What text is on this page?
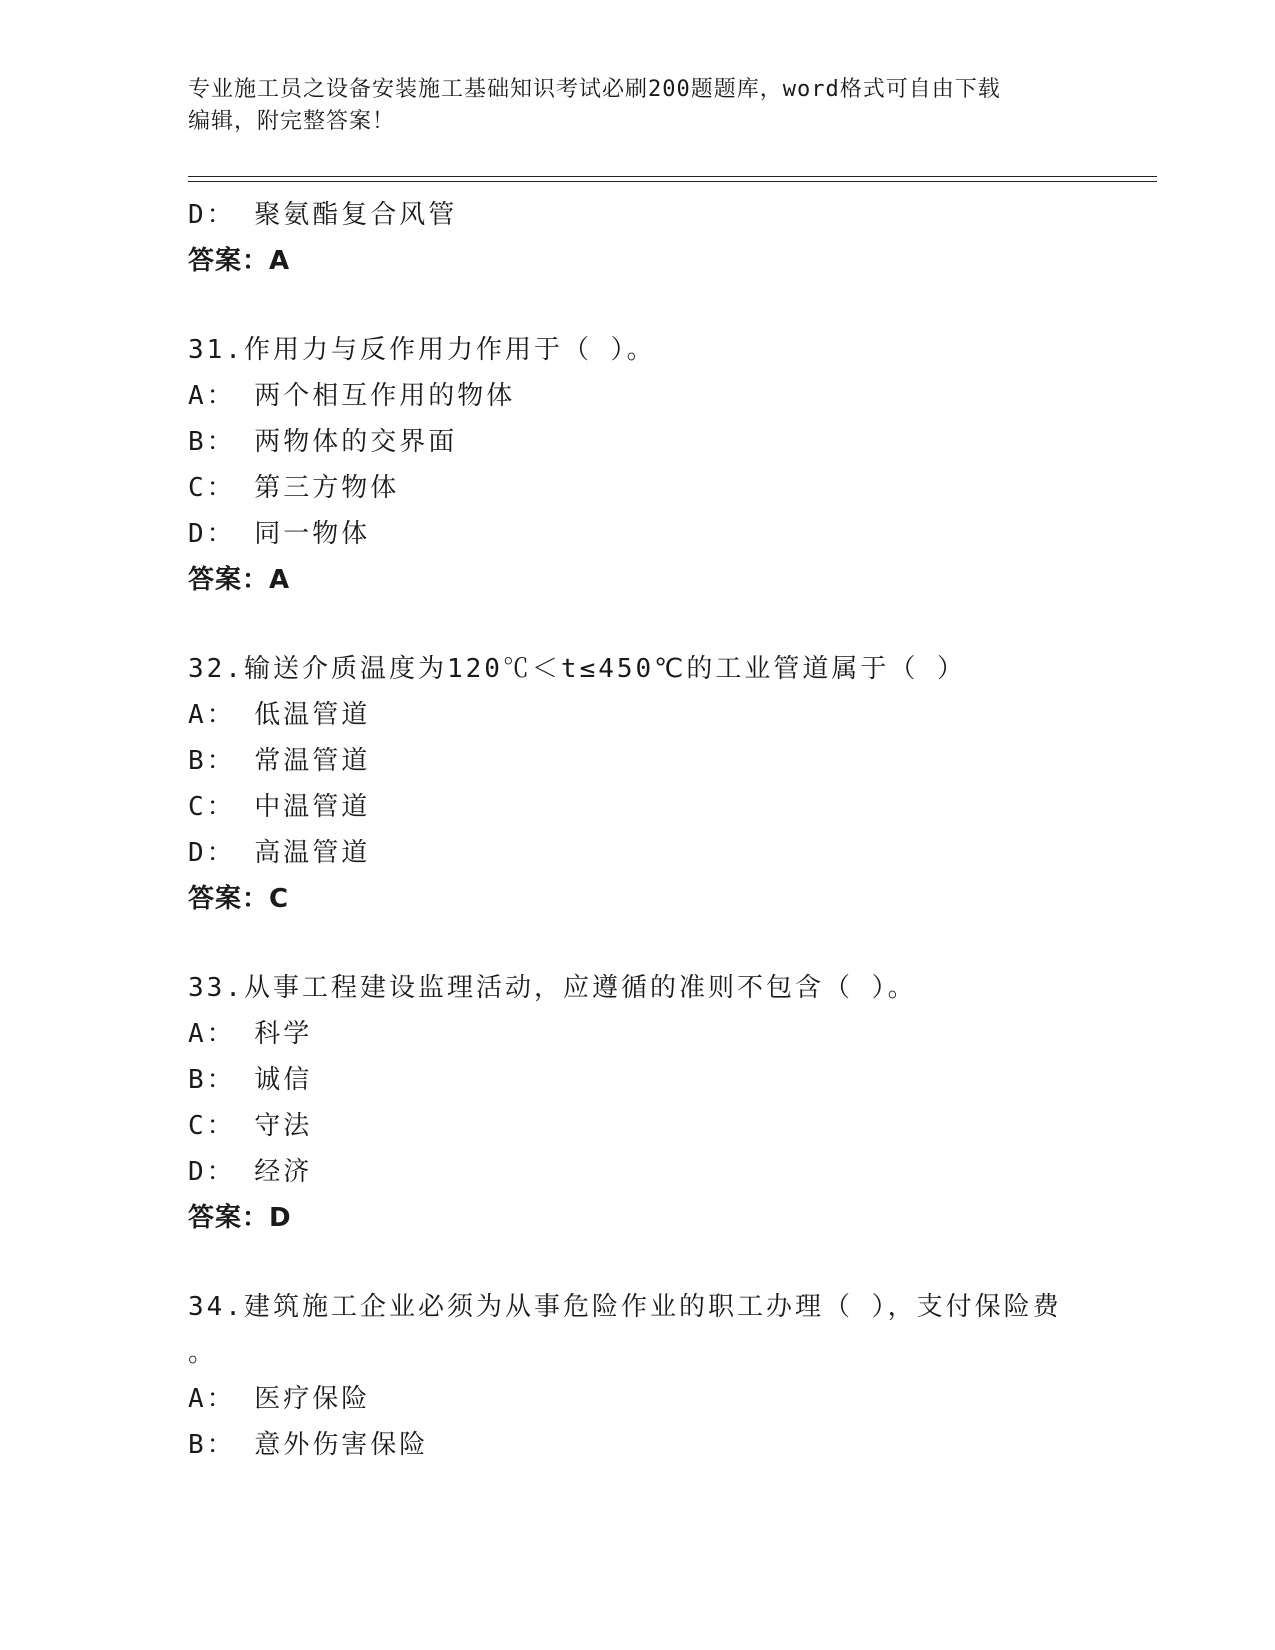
专业施工员之设备安装施工基础知识考试必刷200题题库，word格式可自由下载
编辑，附完整答案！
D： 聚氨酯复合风管
答案：A
31.作用力与反作用力作用于（ ）。
A： 两个相互作用的物体
B： 两物体的交界面
C： 第三方物体
D： 同一物体
答案：A
32.输送介质温度为120℃＜t≤450℃的工业管道属于（ ）
A： 低温管道
B： 常温管道
C： 中温管道
D： 高温管道
答案：C
33.从事工程建设监理活动，应遵循的准则不包含（ ）。
A： 科学
B： 诚信
C： 守法
D： 经济
答案：D
34.建筑施工企业必须为从事危险作业的职工办理（ ），支付保险费
。
A： 医疗保险
B： 意外伤害保险
